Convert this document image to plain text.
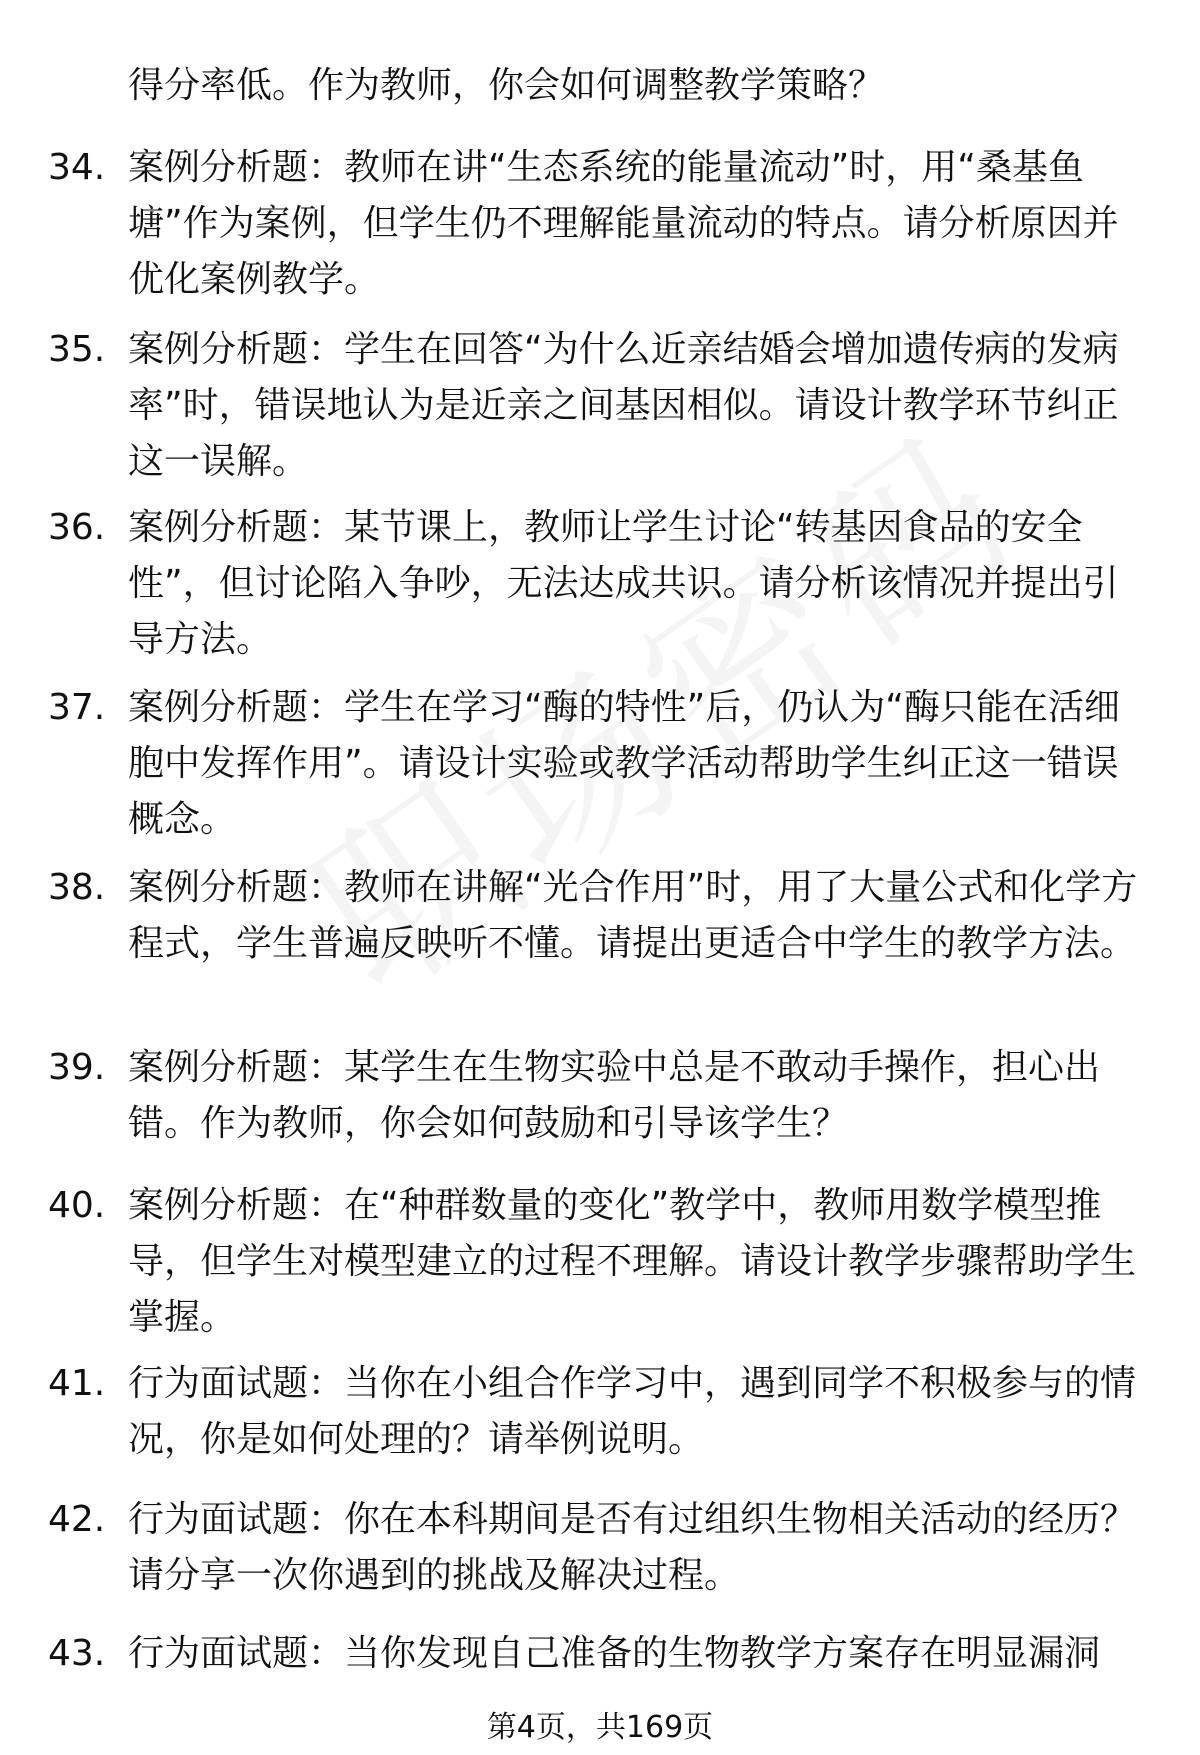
得分率低。作为教师，你会如何调整教学策略？
34. 案例分析题：教师在讲“生态系统的能量流动”时，用“桑基鱼塘”作为案例，但学生仍不理解能量流动的特点。请分析原因并优化案例教学。
35. 案例分析题：学生在回答“为什么近亲结婚会增加遗传病的发病率”时，错误地认为是近亲之间基因相似。请设计教学环节纠正这一误解。
36. 案例分析题：某节课上，教师让学生讨论“转基因食品的安全性”，但讨论陷入争吵，无法达成共识。请分析该情况并提出引导方法。
37. 案例分析题：学生在学习“酶的特性”后，仍认为“酶只能在活细胞中发挥作用”。请设计实验或教学活动帮助学生纠正这一错误概念。
38. 案例分析题：教师在讲解“光合作用”时，用了大量公式和化学方程式，学生普遍反映听不懂。请提出更适合中学生的教学方法。
39. 案例分析题：某学生在生物实验中总是不敢动手操作，担心出错。作为教师，你会如何鼓励和引导该学生？
40. 案例分析题：在“种群数量的变化”教学中，教师用数学模型推导，但学生对模型建立的过程不理解。请设计教学步骤帮助学生掌握。
41. 行为面试题：当你在小组合作学习中，遇到同学不积极参与的情况，你是如何处理的？请举例说明。
42. 行为面试题：你在本科期间是否有过组织生物相关活动的经历？请分享一次你遇到的挑战及解决过程。
43. 行为面试题：当你发现自己准备的生物教学方案存在明显漏洞
第4页，共169页
